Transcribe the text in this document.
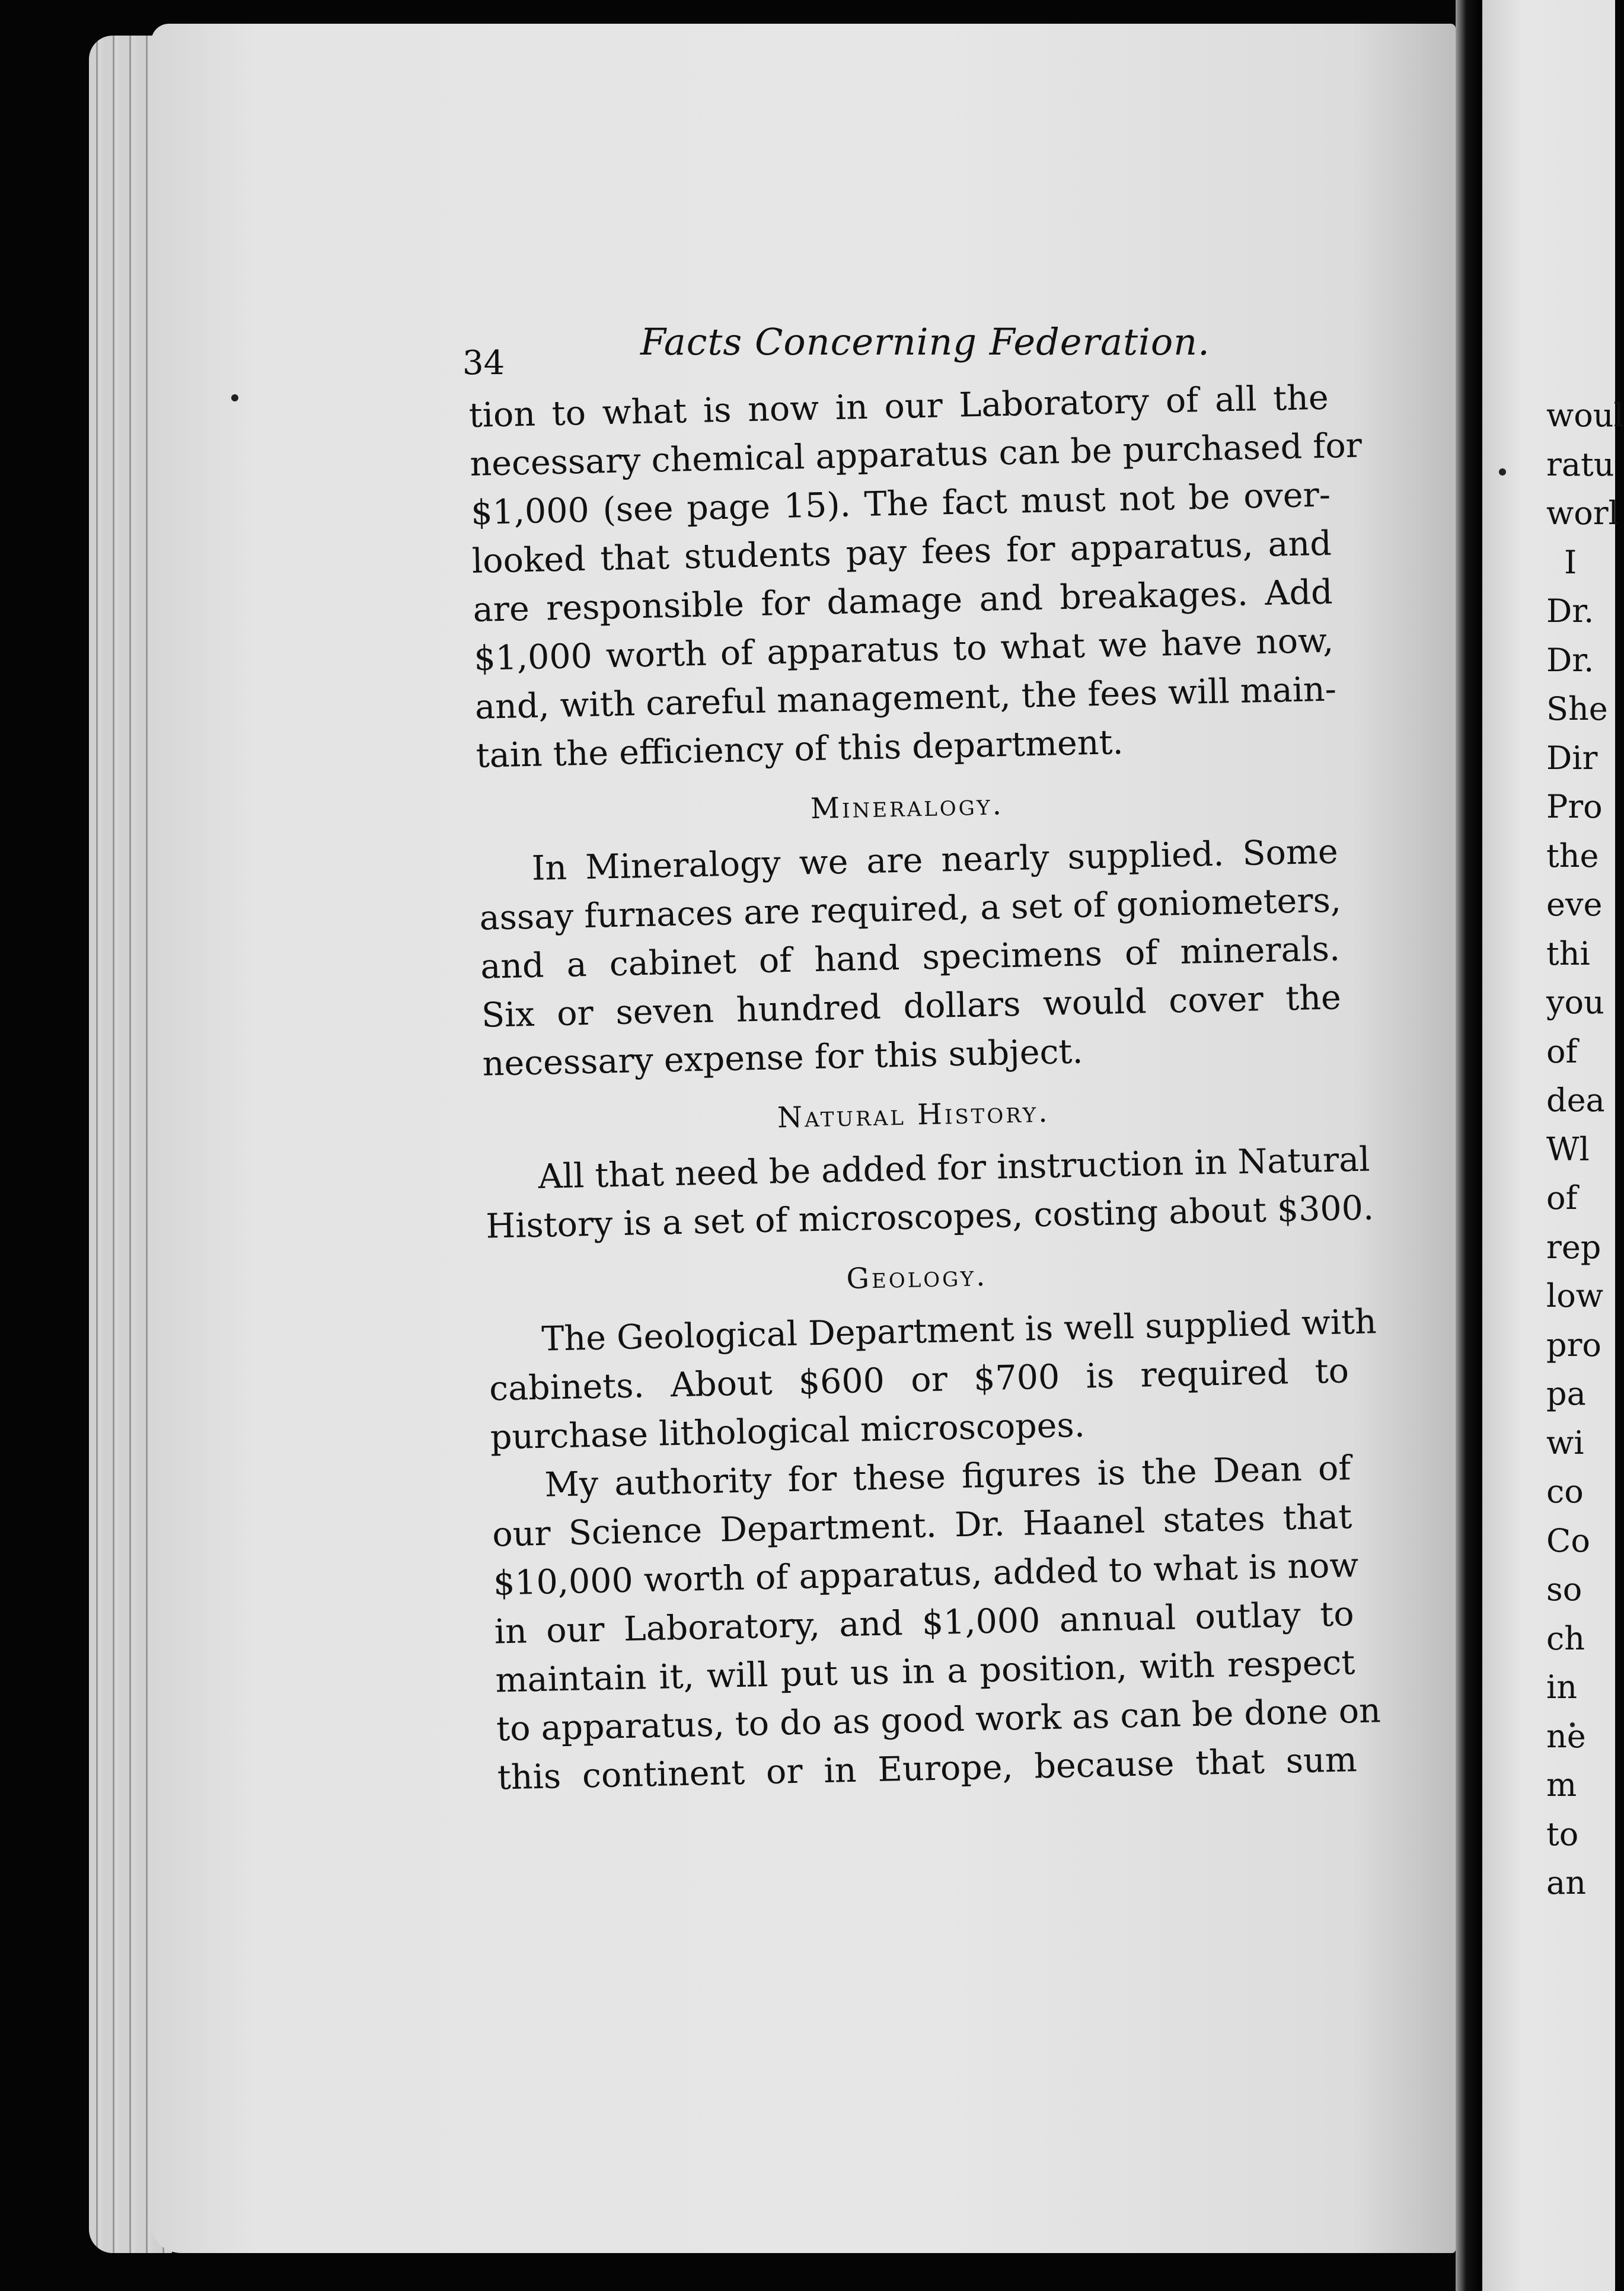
34	Facts Concerning Federation.
tion to what is now in our Laboratory of all the
necessary chemical apparatus can be purchased for
$1,000 (see page 15). The fact must not be over-
looked that students pay fees for apparatus, and
are responsible for damage and breakages. Add
$1,000 worth of apparatus to what we have now,
and, with careful management, the fees will main-
tain the efficiency of this department.
Mineralogy.
In Mineralogy we are nearly supplied. Some
assay furnaces are required, a set of goniometers,
and a cabinet of hand specimens of minerals.
Six or seven hundred dollars would cover the
necessary expense for this subject.
Natural History.
All that need be added for instruction in Natural
History is a set of microscopes, costing about $300.
Geology.
The Geological Department is well supplied with
cabinets. About $600 or $700 is required to
purchase lithological microscopes.
My authority for these figures is the Dean of
our Science Department. Dr. Haanel states that
$10,000 worth of apparatus, added to what is now
in our Laboratory, and $1,000 annual outlay to
maintain it, will put us in a position, with respect
to apparatus, to do as good work as can be done on
this continent or in Europe, because that sum
woul
ratu
worl
I
Dr.
Dr.
She
Dir
Pro
the
eve
thi
you
of
dea
Wl
of
rep
low
pro
pa
wi
co
Co
so
ch
in
ne
m
to
an
